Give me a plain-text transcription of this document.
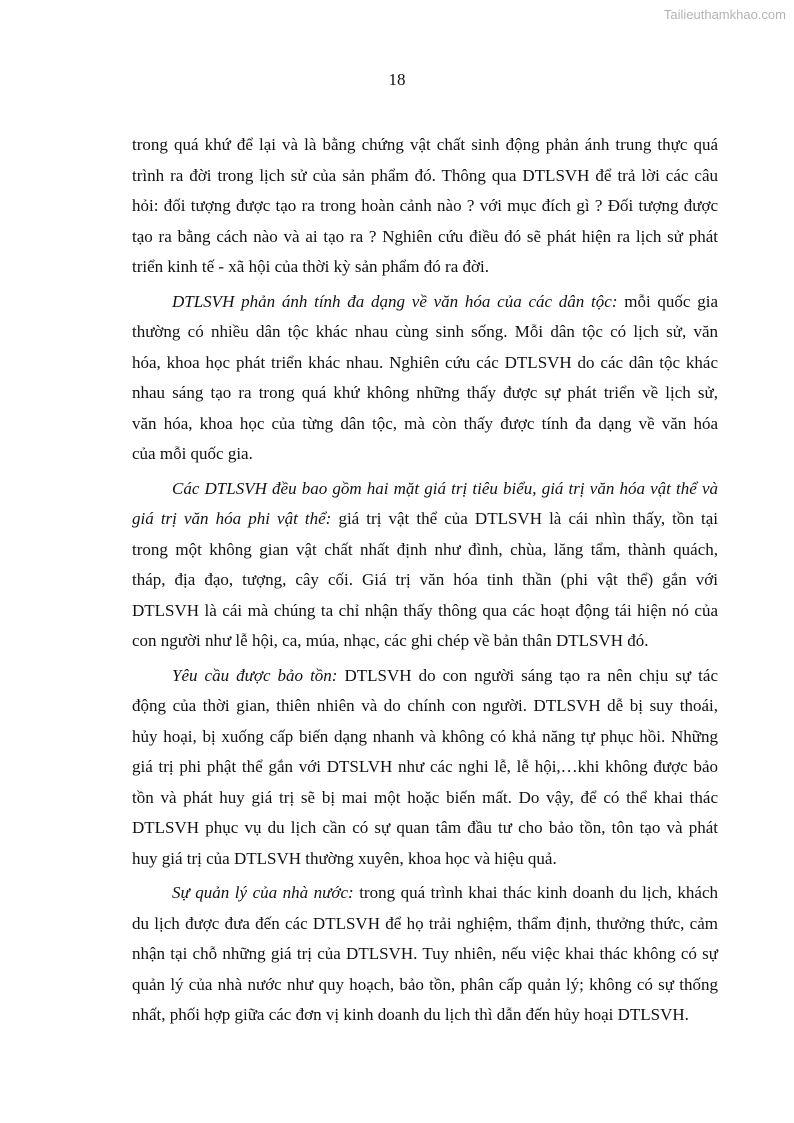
Tailieuthamkhao.com
18
trong quá khứ để lại và là bằng chứng vật chất sinh động phản ánh trung thực quá
trình ra đời trong lịch sử của sản phẩm đó. Thông qua DTLSVH để trả lời các câu
hỏi: đối tượng được tạo ra trong hoàn cảnh nào ? với mục đích gì ? Đối tượng được
tạo ra bằng cách nào và ai tạo ra ? Nghiên cứu điều đó sẽ phát hiện ra lịch sử phát
triển kinh tế - xã hội của thời kỳ sản phẩm đó ra đời.
DTLSVH phản ánh tính đa dạng về văn hóa của các dân tộc: mỗi quốc gia
thường có nhiều dân tộc khác nhau cùng sinh sống. Mỗi dân tộc có lịch sử, văn
hóa, khoa học phát triển khác nhau. Nghiên cứu các DTLSVH do các dân tộc khác
nhau sáng tạo ra trong quá khứ không những thấy được sự phát triển về lịch sử,
văn hóa, khoa học của từng dân tộc, mà còn thấy được tính đa dạng về văn hóa
của mỗi quốc gia.
Các DTLSVH đều bao gồm hai mặt giá trị tiêu biểu, giá trị văn hóa vật thể và
giá trị văn hóa phi vật thể: giá trị vật thể của DTLSVH là cái nhìn thấy, tồn tại
trong một không gian vật chất nhất định như đình, chùa, lăng tẩm, thành quách,
tháp, địa đạo, tượng, cây cối. Giá trị văn hóa tinh thần (phi vật thể) gắn với
DTLSVH là cái mà chúng ta chỉ nhận thấy thông qua các hoạt động tái hiện nó của
con người như lễ hội, ca, múa, nhạc, các ghi chép về bản thân DTLSVH đó.
Yêu cầu được bảo tồn: DTLSVH do con người sáng tạo ra nên chịu sự tác
động của thời gian, thiên nhiên và do chính con người. DTLSVH dễ bị suy thoái,
hủy hoại, bị xuống cấp biến dạng nhanh và không có khả năng tự phục hồi. Những
giá trị phi phật thể gắn với DTSLVH như các nghi lễ, lễ hội,…khi không được bảo
tồn và phát huy giá trị sẽ bị mai một hoặc biến mất. Do vậy, để có thể khai thác
DTLSVH phục vụ du lịch cần có sự quan tâm đầu tư cho bảo tồn, tôn tạo và phát
huy giá trị của DTLSVH thường xuyên, khoa học và hiệu quả.
Sự quản lý của nhà nước: trong quá trình khai thác kinh doanh du lịch, khách
du lịch được đưa đến các DTLSVH để họ trải nghiệm, thẩm định, thưởng thức, cảm
nhận tại chỗ những giá trị của DTLSVH. Tuy nhiên, nếu việc khai thác không có sự
quản lý của nhà nước như quy hoạch, bảo tồn, phân cấp quản lý; không có sự thống
nhất, phối hợp giữa các đơn vị kinh doanh du lịch thì dẫn đến hủy hoại DTLSVH.
